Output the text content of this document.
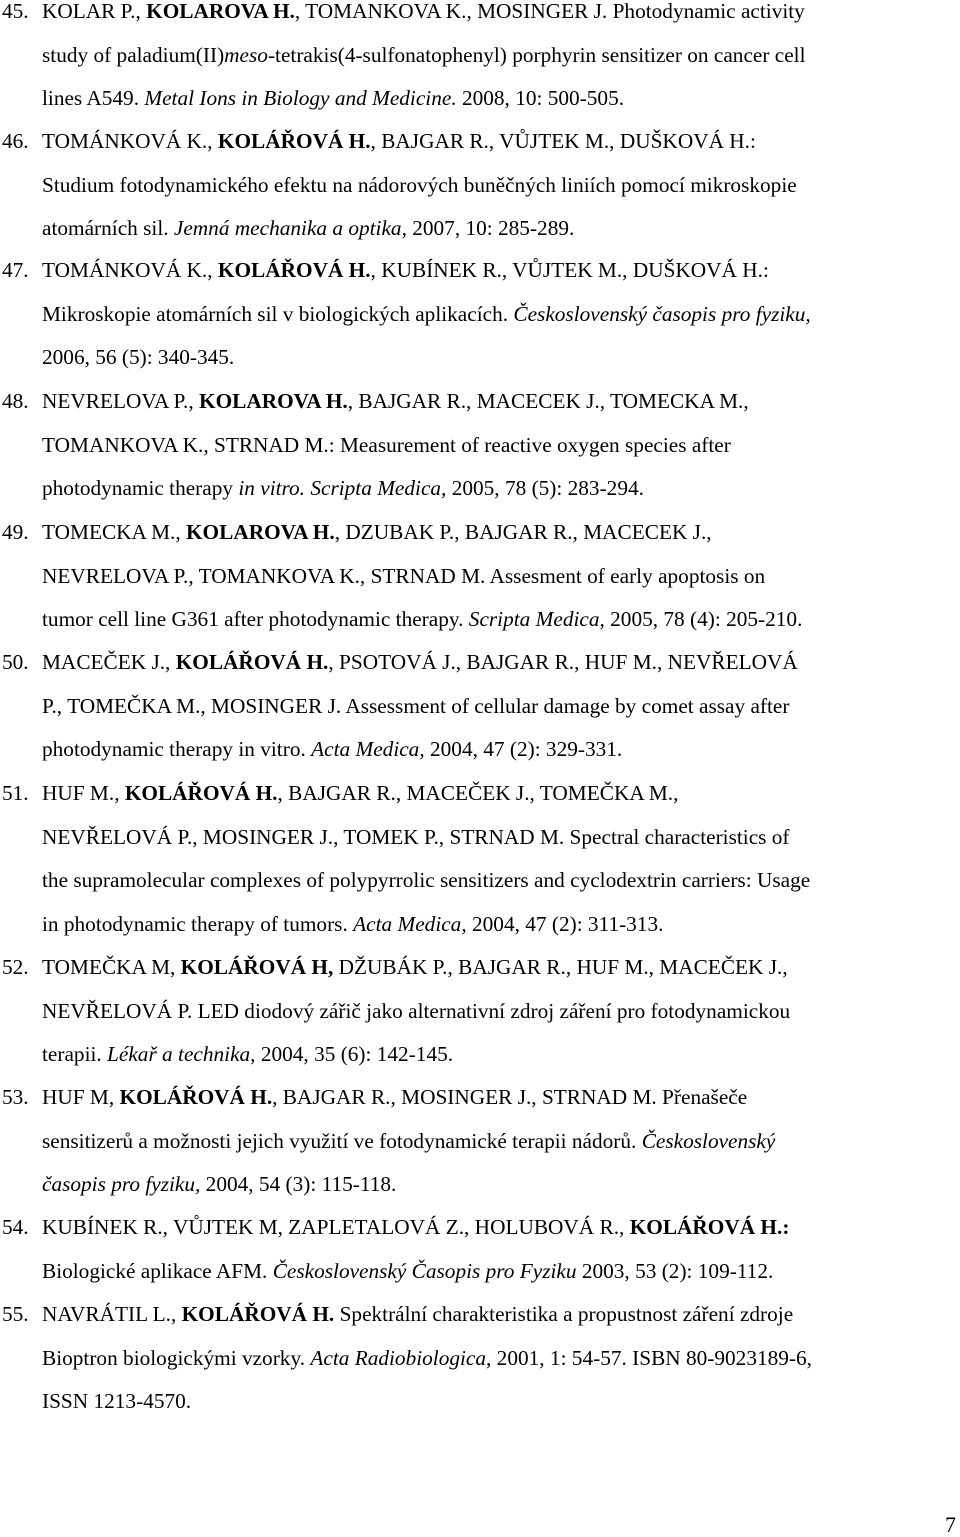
45. KOLAR P., KOLAROVA H., TOMANKOVA K., MOSINGER J. Photodynamic activity
study of paladium(II)meso-tetrakis(4-sulfonatophenyl) porphyrin sensitizer on cancer cell
lines A549. Metal Ions in Biology and Medicine. 2008, 10: 500-505.
46. TOMÁNKOVÁ K., KOLÁŘOVÁ H., BAJGAR R., VŮJTEK M., DUŠKOVÁ H.:
Studium fotodynamického efektu na nádorových buněčných liniích pomocí mikroskopie
atomárních sil. Jemná mechanika a optika, 2007, 10: 285-289.
47. TOMÁNKOVÁ K., KOLÁŘOVÁ H., KUBÍNEK R., VŮJTEK M., DUŠKOVÁ H.:
Mikroskopie atomárních sil v biologických aplikacích. Československý časopis pro fyziku,
2006, 56 (5): 340-345.
48. NEVRELOVA P., KOLAROVA H., BAJGAR R., MACECEK J., TOMECKA M.,
TOMANKOVA K., STRNAD M.: Measurement of reactive oxygen species after
photodynamic therapy in vitro. Scripta Medica, 2005, 78 (5): 283-294.
49. TOMECKA M., KOLAROVA H., DZUBAK P., BAJGAR R., MACECEK J.,
NEVRELOVA P., TOMANKOVA K., STRNAD M. Assesment of early apoptosis on
tumor cell line G361 after photodynamic therapy. Scripta Medica, 2005, 78 (4): 205-210.
50. MACEČEK J., KOLÁŘOVÁ H., PSOTOVÁ J., BAJGAR R., HUF M., NEVŘELOVÁ
P., TOMEČKA M., MOSINGER J. Assessment of cellular damage by comet assay after
photodynamic therapy in vitro. Acta Medica, 2004, 47 (2): 329-331.
51. HUF M., KOLÁŘOVÁ H., BAJGAR R., MACEČEK J., TOMEČKA M.,
NEVŘELOVÁ P., MOSINGER J., TOMEK P., STRNAD M. Spectral characteristics of
the supramolecular complexes of polypyrrolic sensitizers and cyclodextrin carriers: Usage
in photodynamic therapy of tumors. Acta Medica, 2004, 47 (2): 311-313.
52. TOMEČKA M, KOLÁŘOVÁ H, DŽUBÁK P., BAJGAR R., HUF M., MACEČEK J.,
NEVŘELOVÁ P. LED diodový zářič jako alternativní zdroj záření pro fotodynamickou
terapii. Lékař a technika, 2004, 35 (6): 142-145.
53. HUF M, KOLÁŘOVÁ H., BAJGAR R., MOSINGER J., STRNAD M. Přenašeče
sensitizerů a možnosti jejich využití ve fotodynamické terapii nádorů. Československý
časopis pro fyziku, 2004, 54 (3): 115-118.
54. KUBÍNEK R., VŮJTEK M, ZAPLETALOVÁ Z., HOLUBOVÁ R., KOLÁŘOVÁ H.:
Biologické aplikace AFM. Československý Časopis pro Fyziku 2003, 53 (2): 109-112.
55. NAVRÁTIL L., KOLÁŘOVÁ H. Spektrální charakteristika a propustnost záření zdroje
Bioptron biologickými vzorky. Acta Radiobiologica, 2001, 1: 54-57. ISBN 80-9023189-6,
ISSN 1213-4570.
7
